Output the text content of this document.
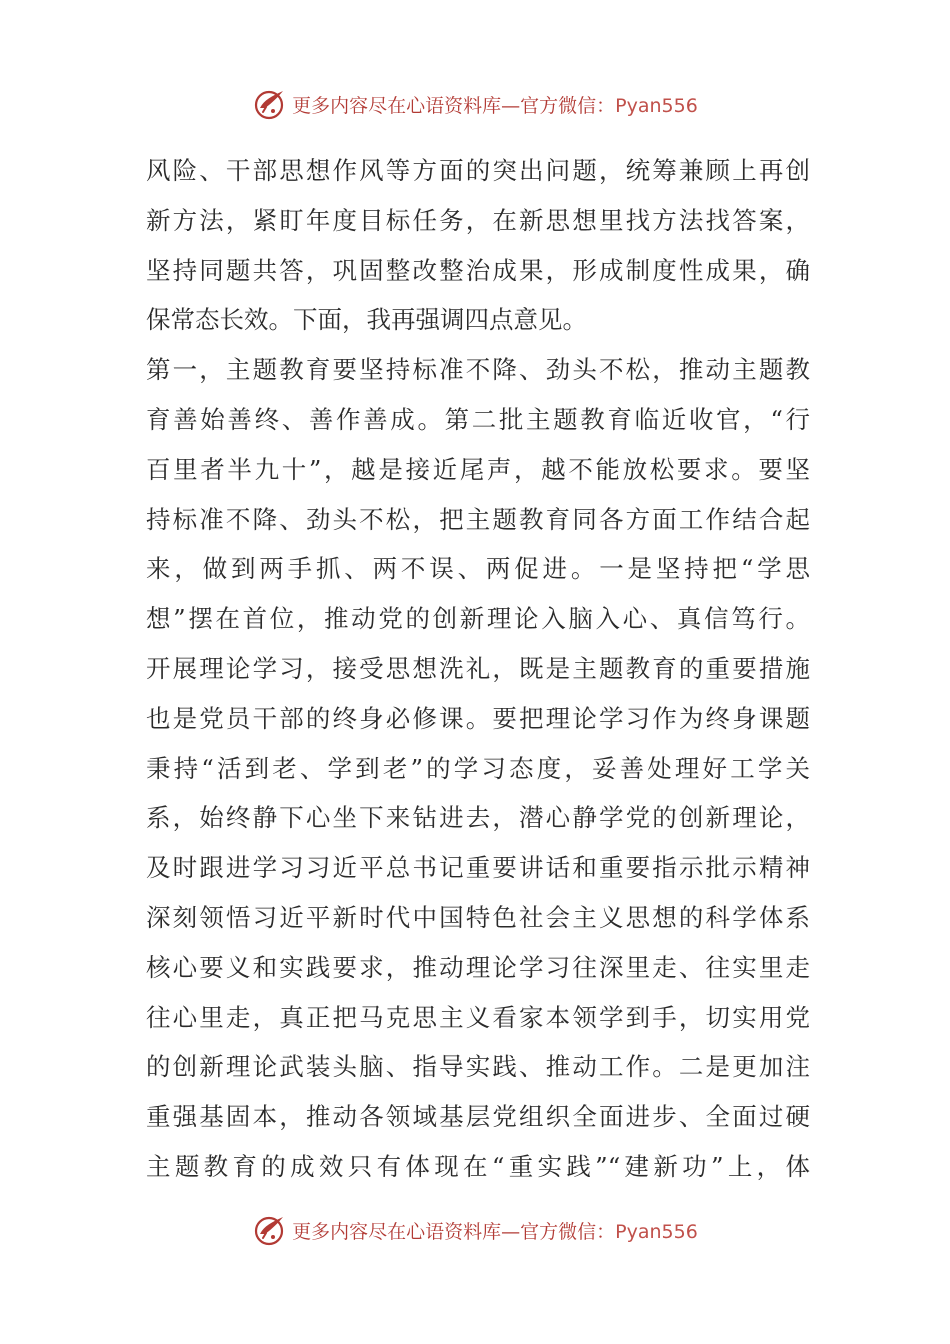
更多内容尽在心语资料库—官方微信：Pyan556
风险、干部思想作风等方面的突出问题，统筹兼顾上再创
新方法，紧盯年度目标任务，在新思想里找方法找答案，
坚持同题共答，巩固整改整治成果，形成制度性成果，确
保常态长效。下面，我再强调四点意见。
第一，主题教育要坚持标准不降、劲头不松，推动主题教
育善始善终、善作善成。第二批主题教育临近收官，“行
百里者半九十”，越是接近尾声，越不能放松要求。要坚
持标准不降、劲头不松，把主题教育同各方面工作结合起
来，做到两手抓、两不误、两促进。一是坚持把“学思
想”摆在首位，推动党的创新理论入脑入心、真信笃行。
开展理论学习，接受思想洗礼，既是主题教育的重要措施
也是党员干部的终身必修课。要把理论学习作为终身课题
秉持“活到老、学到老”的学习态度，妥善处理好工学关
系，始终静下心坐下来钻进去，潜心静学党的创新理论，
及时跟进学习习近平总书记重要讲话和重要指示批示精神
深刻领悟习近平新时代中国特色社会主义思想的科学体系
核心要义和实践要求，推动理论学习往深里走、往实里走
往心里走，真正把马克思主义看家本领学到手，切实用党
的创新理论武装头脑、指导实践、推动工作。二是更加注
重强基固本，推动各领域基层党组织全面进步、全面过硬
主题教育的成效只有体现在“重实践”“建新功”上，体
更多内容尽在心语资料库—官方微信：Pyan556
